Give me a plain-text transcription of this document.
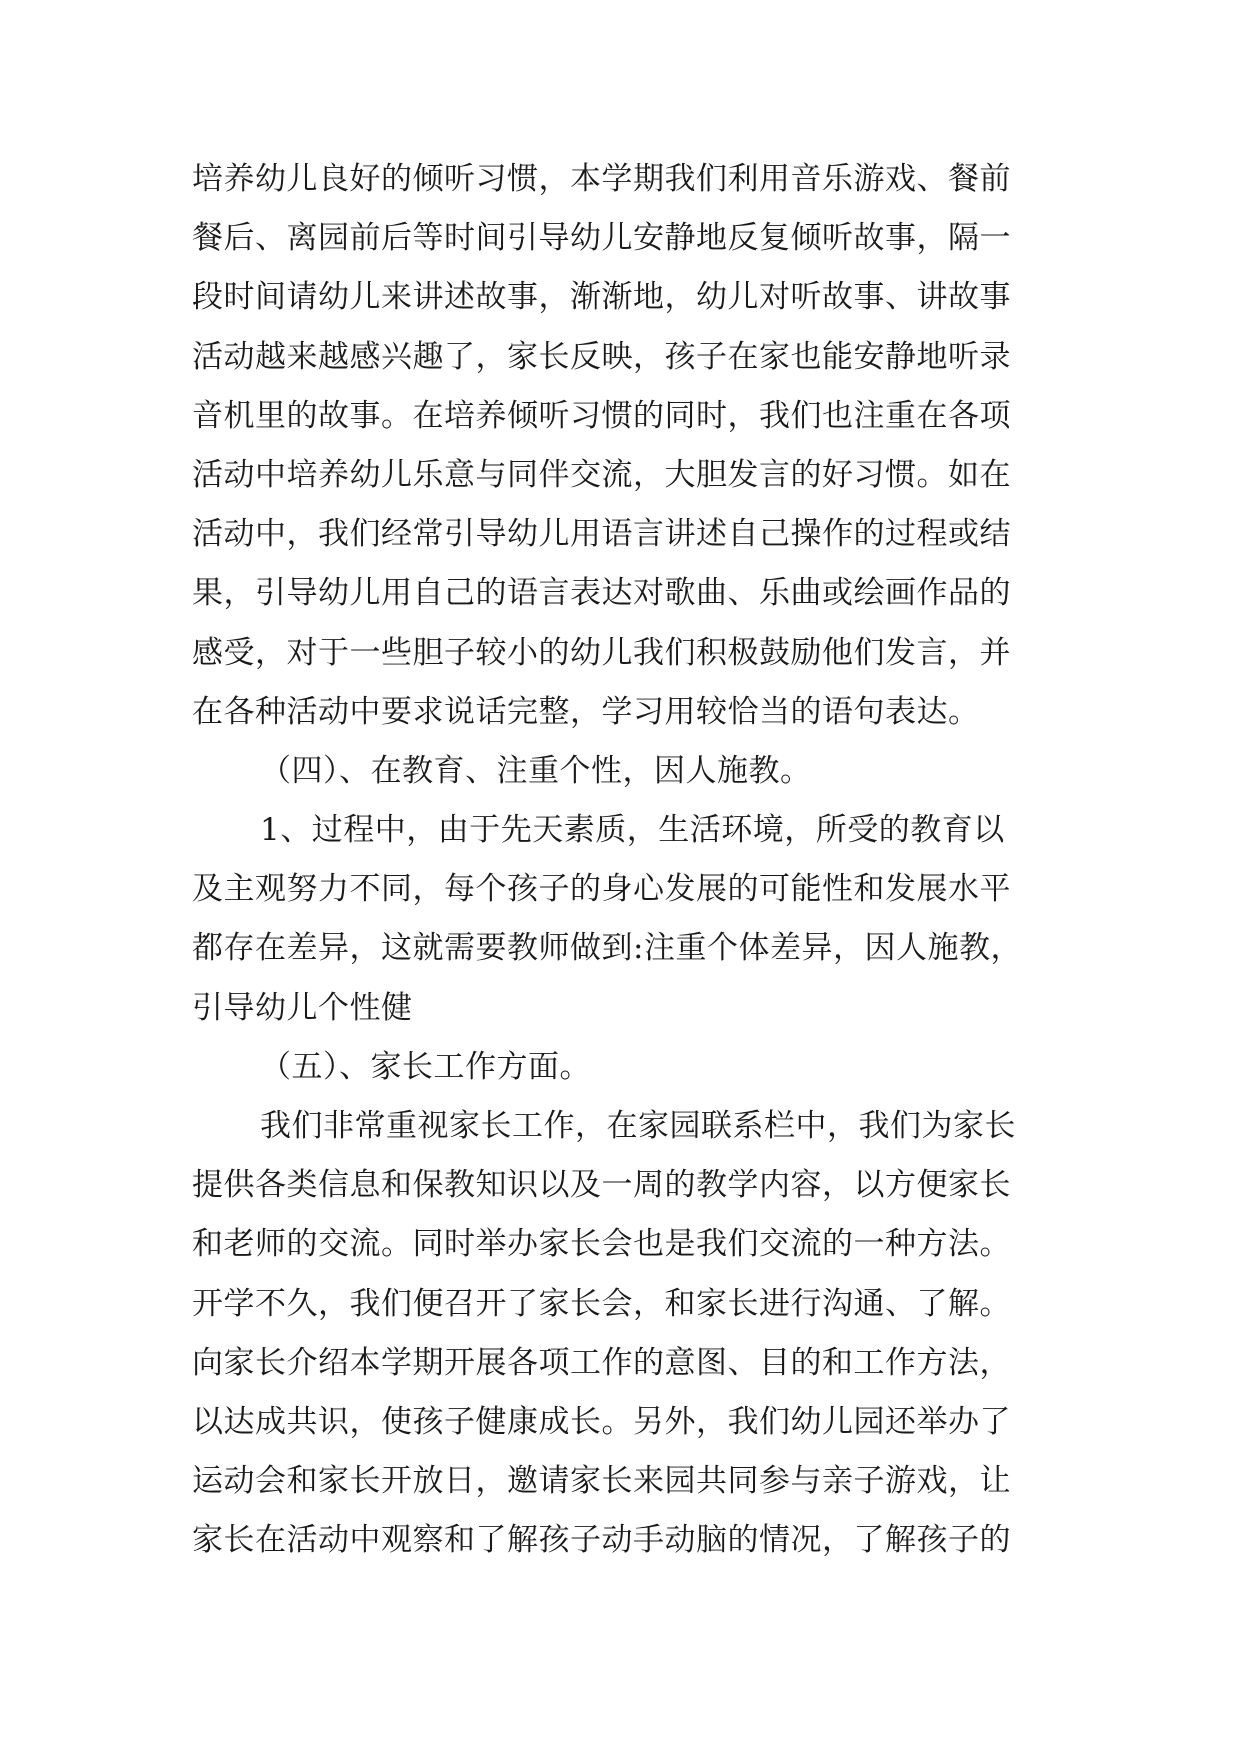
培养幼儿良好的倾听习惯，本学期我们利用音乐游戏、餐前
餐后、离园前后等时间引导幼儿安静地反复倾听故事，隔一
段时间请幼儿来讲述故事，渐渐地，幼儿对听故事、讲故事
活动越来越感兴趣了，家长反映，孩子在家也能安静地听录
音机里的故事。在培养倾听习惯的同时，我们也注重在各项
活动中培养幼儿乐意与同伴交流，大胆发言的好习惯。如在
活动中，我们经常引导幼儿用语言讲述自己操作的过程或结
果，引导幼儿用自己的语言表达对歌曲、乐曲或绘画作品的
感受，对于一些胆子较小的幼儿我们积极鼓励他们发言，并
在各种活动中要求说话完整，学习用较恰当的语句表达。
（四）、在教育、注重个性，因人施教。
1、过程中，由于先天素质，生活环境，所受的教育以
及主观努力不同，每个孩子的身心发展的可能性和发展水平
都存在差异，这就需要教师做到:注重个体差异，因人施教，
引导幼儿个性健
（五）、家长工作方面。
我们非常重视家长工作，在家园联系栏中，我们为家长
提供各类信息和保教知识以及一周的教学内容，以方便家长
和老师的交流。同时举办家长会也是我们交流的一种方法。
开学不久，我们便召开了家长会，和家长进行沟通、了解。
向家长介绍本学期开展各项工作的意图、目的和工作方法，
以达成共识，使孩子健康成长。另外，我们幼儿园还举办了
运动会和家长开放日，邀请家长来园共同参与亲子游戏，让
家长在活动中观察和了解孩子动手动脑的情况，了解孩子的
